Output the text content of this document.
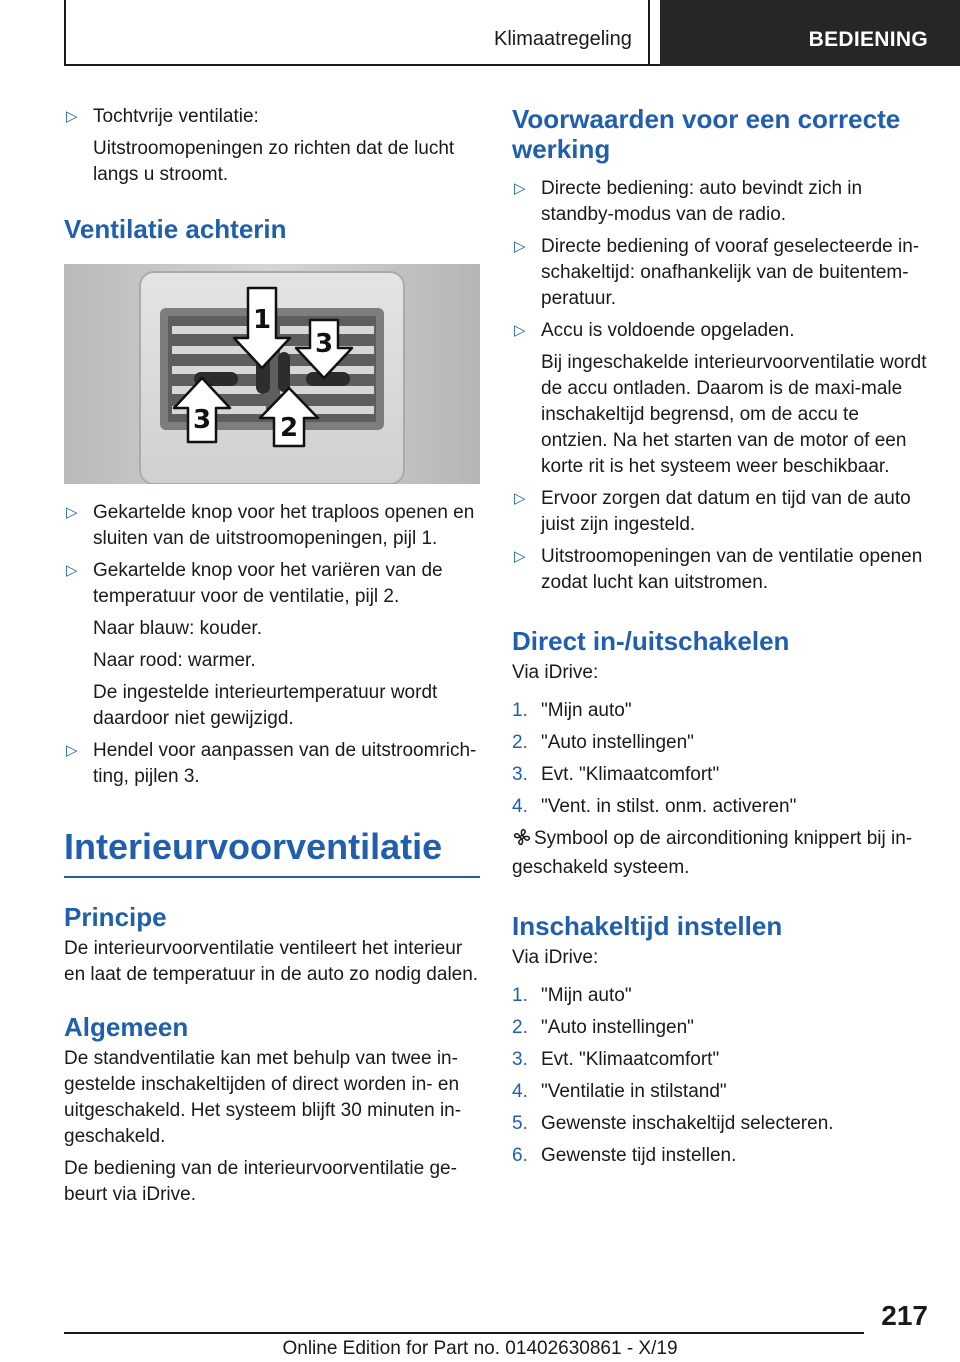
Klimaatregeling	BEDIENING
▷ Tochtvrije ventilatie:
Uitstroomopeningen zo richten dat de lucht langs u stroomt.
Ventilatie achterin
1
2
3
3
▷ Gekartelde knop voor het traploos openen en sluiten van de uitstroomopeningen, pijl 1.
▷ Gekartelde knop voor het variëren van de temperatuur voor de ventilatie, pijl 2.
Naar blauw: kouder.
Naar rood: warmer.
De ingestelde interieurtemperatuur wordt daardoor niet gewijzigd.
▷ Hendel voor aanpassen van de uitstroomrich-ting, pijlen 3.
Interieurvoorventilatie
Principe

De interieurvoorventilatie ventileert het interieur en laat de temperatuur in de auto zo nodig dalen.

Algemeen

De standventilatie kan met behulp van twee in-gestelde inschakeltijden of direct worden in- en uitgeschakeld. Het systeem blijft 30 minuten in-geschakeld.

De bediening van de interieurvoorventilatie ge-beurt via iDrive.

Voorwaarden voor een correcte werking
▷ Directe bediening: auto bevindt zich in standby-modus van de radio.
▷ Directe bediening of vooraf geselecteerde in-schakeltijd: onafhankelijk van de buitentem-peratuur.
▷ Accu is voldoende opgeladen.
Bij ingeschakelde interieurvoorventilatie wordt de accu ontladen. Daarom is de maxi-male inschakeltijd begrensd, om de accu te ontzien. Na het starten van de motor of een korte rit is het systeem weer beschikbaar.
▷ Ervoor zorgen dat datum en tijd van de auto juist zijn ingesteld.
▷ Uitstroomopeningen van de ventilatie openen zodat lucht kan uitstromen.
Direct in-/uitschakelen

Via iDrive:

1. "Mijn auto"
2. "Auto instellingen"
3. Evt. "Klimaatcomfort"
4. "Vent. in stilst. onm. activeren"

Symbool op de airconditioning knippert bij in-geschakeld systeem.

Inschakeltijd instellen

Via iDrive:

1. "Mijn auto"
2. "Auto instellingen"
3. Evt. "Klimaatcomfort"
4. "Ventilatie in stilstand"
5. Gewenste inschakeltijd selecteren.
6. Gewenste tijd instellen.
217
Online Edition for Part no. 01402630861 - X/19
